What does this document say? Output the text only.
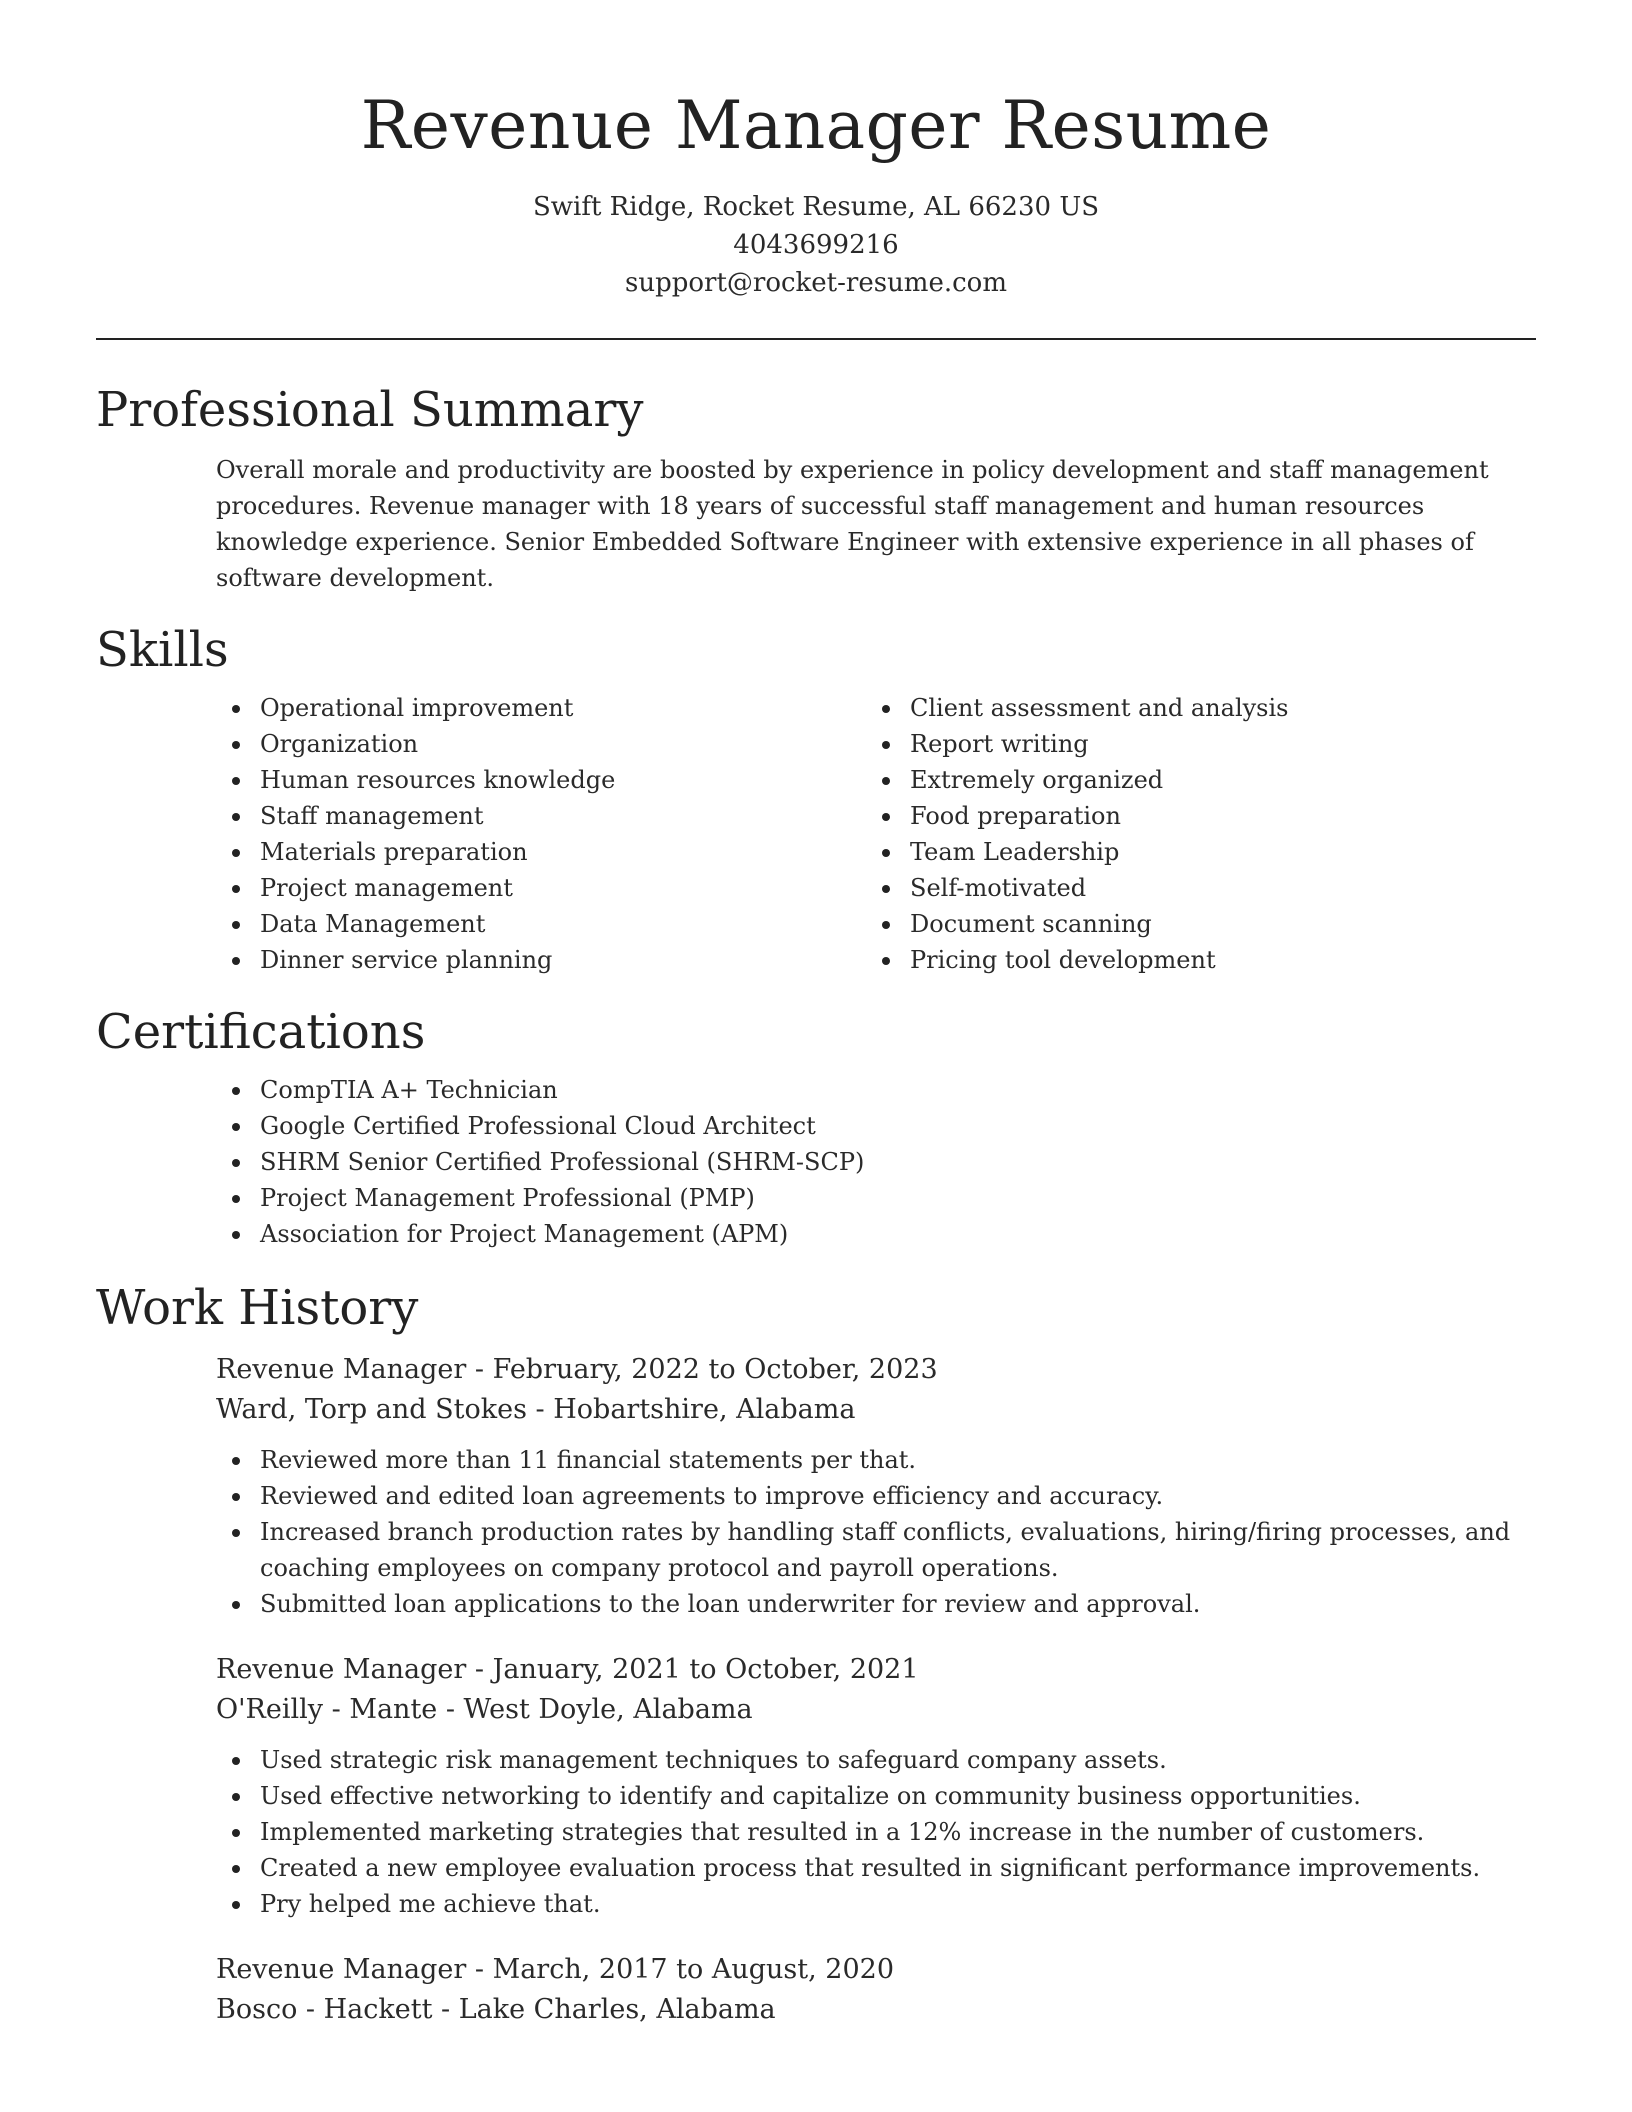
Revenue Manager Resume
Swift Ridge, Rocket Resume, AL 66230 US
4043699216
support@rocket-resume.com
Professional Summary
Overall morale and productivity are boosted by experience in policy development and staff management procedures. Revenue manager with 18 years of successful staff management and human resources knowledge experience. Senior Embedded Software Engineer with extensive experience in all phases of software development.
Skills
Operational improvement
Organization
Human resources knowledge
Staff management
Materials preparation
Project management
Data Management
Dinner service planning
Client assessment and analysis
Report writing
Extremely organized
Food preparation
Team Leadership
Self-motivated
Document scanning
Pricing tool development
Certifications
CompTIA A+ Technician
Google Certified Professional Cloud Architect
SHRM Senior Certified Professional (SHRM-SCP)
Project Management Professional (PMP)
Association for Project Management (APM)
Work History
Revenue Manager - February, 2022 to October, 2023
Ward, Torp and Stokes - Hobartshire, Alabama
Reviewed more than 11 financial statements per that.
Reviewed and edited loan agreements to improve efficiency and accuracy.
Increased branch production rates by handling staff conflicts, evaluations, hiring/firing processes, and coaching employees on company protocol and payroll operations.
Submitted loan applications to the loan underwriter for review and approval.
Revenue Manager - January, 2021 to October, 2021
O'Reilly - Mante - West Doyle, Alabama
Used strategic risk management techniques to safeguard company assets.
Used effective networking to identify and capitalize on community business opportunities.
Implemented marketing strategies that resulted in a 12% increase in the number of customers.
Created a new employee evaluation process that resulted in significant performance improvements.
Pry helped me achieve that.
Revenue Manager - March, 2017 to August, 2020
Bosco - Hackett - Lake Charles, Alabama
